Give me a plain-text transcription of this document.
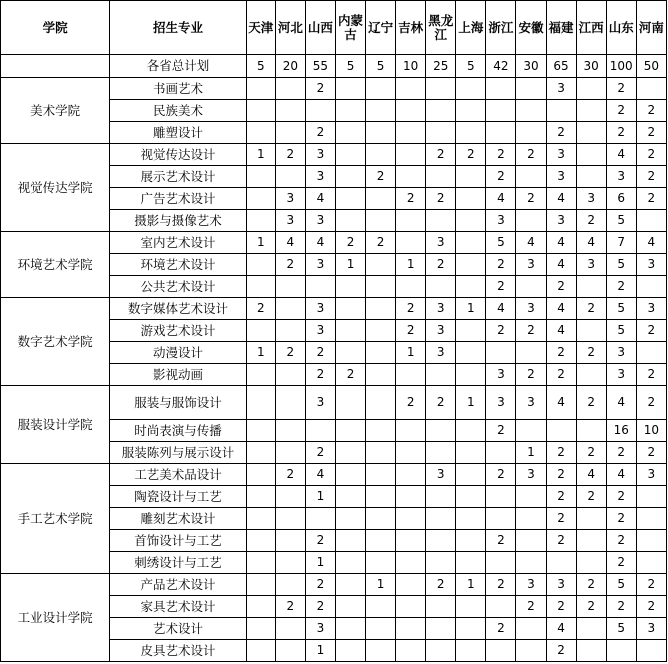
学院	招生专业	天津	河北	山西	内蒙古	辽宁	吉林	黑龙江	上海	浙江	安徽	福建	江西	山东	河南
	各省总计划	5	20	55	5	5	10	25	5	42	30	65	30	100	50
美术学院	书画艺术			2								3		2	
	民族美术													2	2
	雕塑设计			2								2		2	2
视觉传达学院	视觉传达设计	1	2	3				2	2	2	2	3		4	2
	展示艺术设计			3		2				2		3		3	2
	广告艺术设计		3	4			2	2		4	2	4	3	6	2
	摄影与摄像艺术		3	3						3		3	2	5	
环境艺术学院	室内艺术设计	1	4	4	2	2		3		5	4	4	4	7	4
	环境艺术设计		2	3	1		1	2		2	3	4	3	5	3
	公共艺术设计									2		2		2	
数字艺术学院	数字媒体艺术设计	2		3			2	3	1	4	3	4	2	5	3
	游戏艺术设计			3			2	3		2	2	4		5	2
	动漫设计	1	2	2			1	3				2	2	3	
	影视动画			2	2					3	2	2		3	2
服装设计学院	服装与服饰设计			3			2	2	1	3	3	4	2	4	2
	时尚表演与传播									2				16	10
	服装陈列与展示设计			2							1	2	2	2	2
手工艺术学院	工艺美术品设计		2	4				3		2	3	2	4	4	3
	陶瓷设计与工艺			1								2	2	2	
	雕刻艺术设计											2		2	
	首饰设计与工艺			2						2		2		2	
	刺绣设计与工艺			1										2	
工业设计学院	产品艺术设计			2		1		2	1	2	3	3	2	5	2
	家具艺术设计		2	2							2	2	2	2	2
	艺术设计			3						2		4		5	3
	皮具艺术设计			1								2			
